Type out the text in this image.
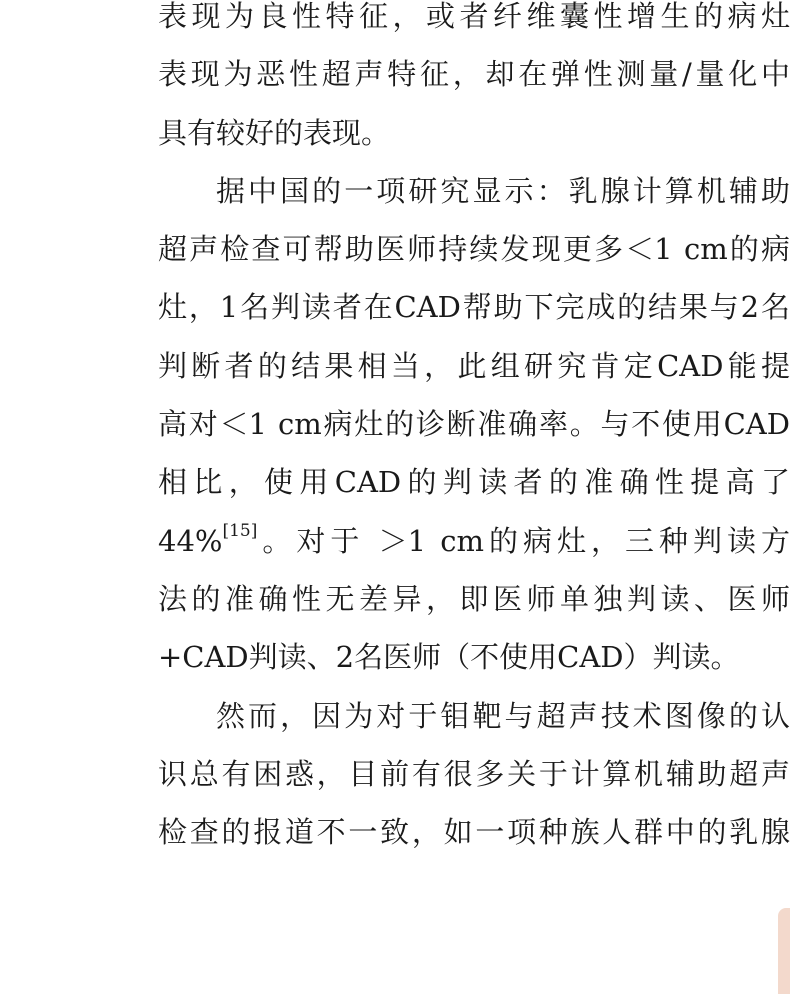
表现为良性特征，或者纤维囊性增生的病灶
表现为恶性超声特征，却在弹性测量/量化中
具有较好的表现。
据中国的一项研究显示：乳腺计算机辅助
超声检查可帮助医师持续发现更多＜1 cm的病
灶，1名判读者在CAD帮助下完成的结果与2名
判断者的结果相当，此组研究肯定CAD能提
高对＜1 cm病灶的诊断准确率。与不使用CAD
相比，使用CAD的判读者的准确性提高了
44%[15]。对于 ＞1 cm的病灶，三种判读方
法的准确性无差异，即医师单独判读、医师
+CAD判读、2名医师（不使用CAD）判读。
然而，因为对于钼靶与超声技术图像的认
识总有困惑，目前有很多关于计算机辅助超声
检查的报道不一致，如一项种族人群中的乳腺
